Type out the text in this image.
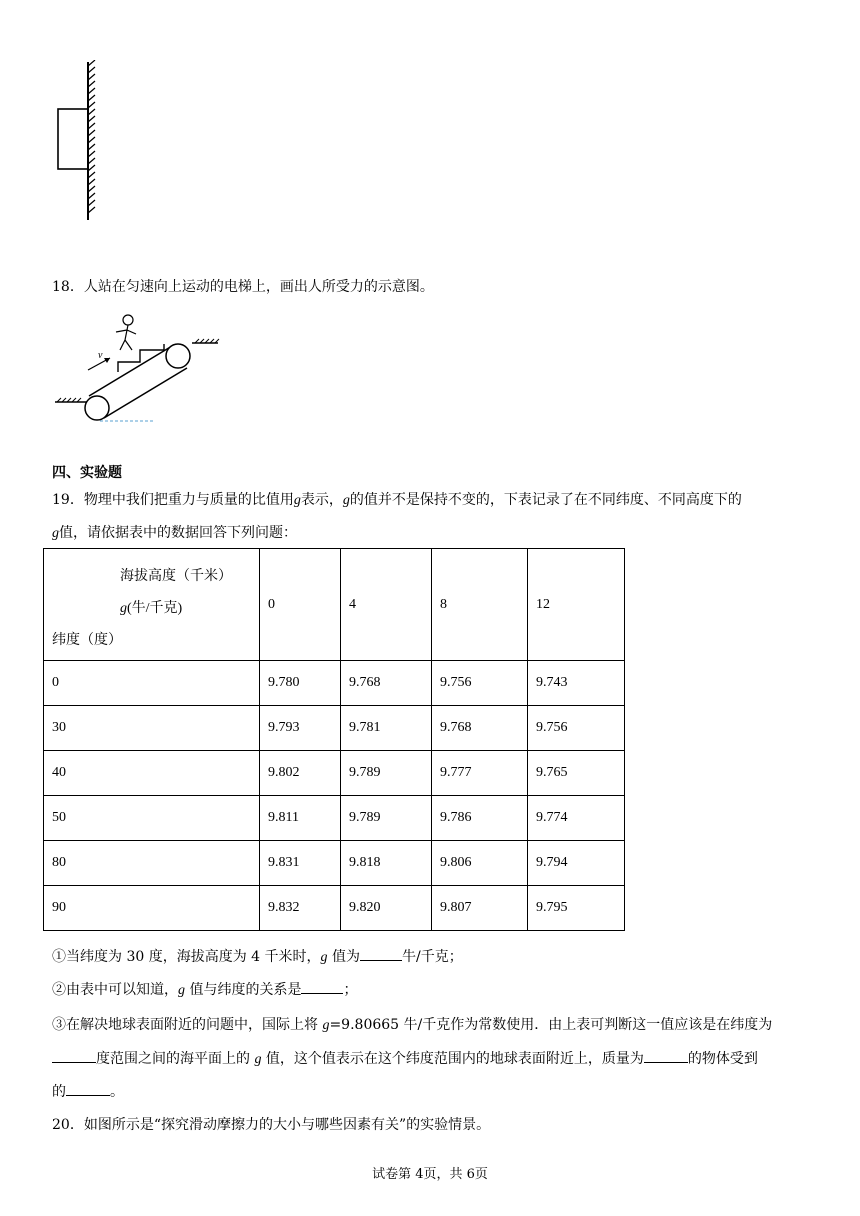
18．人站在匀速向上运动的电梯上，画出人所受力的示意图。
v
四、实验题
19．物理中我们把重力与质量的比值用g表示，g的值并不是保持不变的，下表记录了在不同纬度、不同高度下的
g值，请依据表中的数据回答下列问题：
海拔高度（千米）
g(牛/千克)
纬度（度）	0	4	8	12
0	9.780	9.768	9.756	9.743
30	9.793	9.781	9.768	9.756
40	9.802	9.789	9.777	9.765
50	9.811	9.789	9.786	9.774
80	9.831	9.818	9.806	9.794
90	9.832	9.820	9.807	9.795
①当纬度为 30 度，海拔高度为 4 千米时，g 值为	牛/千克；
②由表中可以知道，g 值与纬度的关系是	；
③在解决地球表面附近的问题中，国际上将 g=9.80665 牛/千克作为常数使用．由上表可判断这一值应该是在纬度为
度范围之间的海平面上的 g 值，这个值表示在这个纬度范围内的地球表面附近上，质量为	的物体受到
的	。
20．如图所示是“探究滑动摩擦力的大小与哪些因素有关”的实验情景。
试卷第 4页，共 6页
